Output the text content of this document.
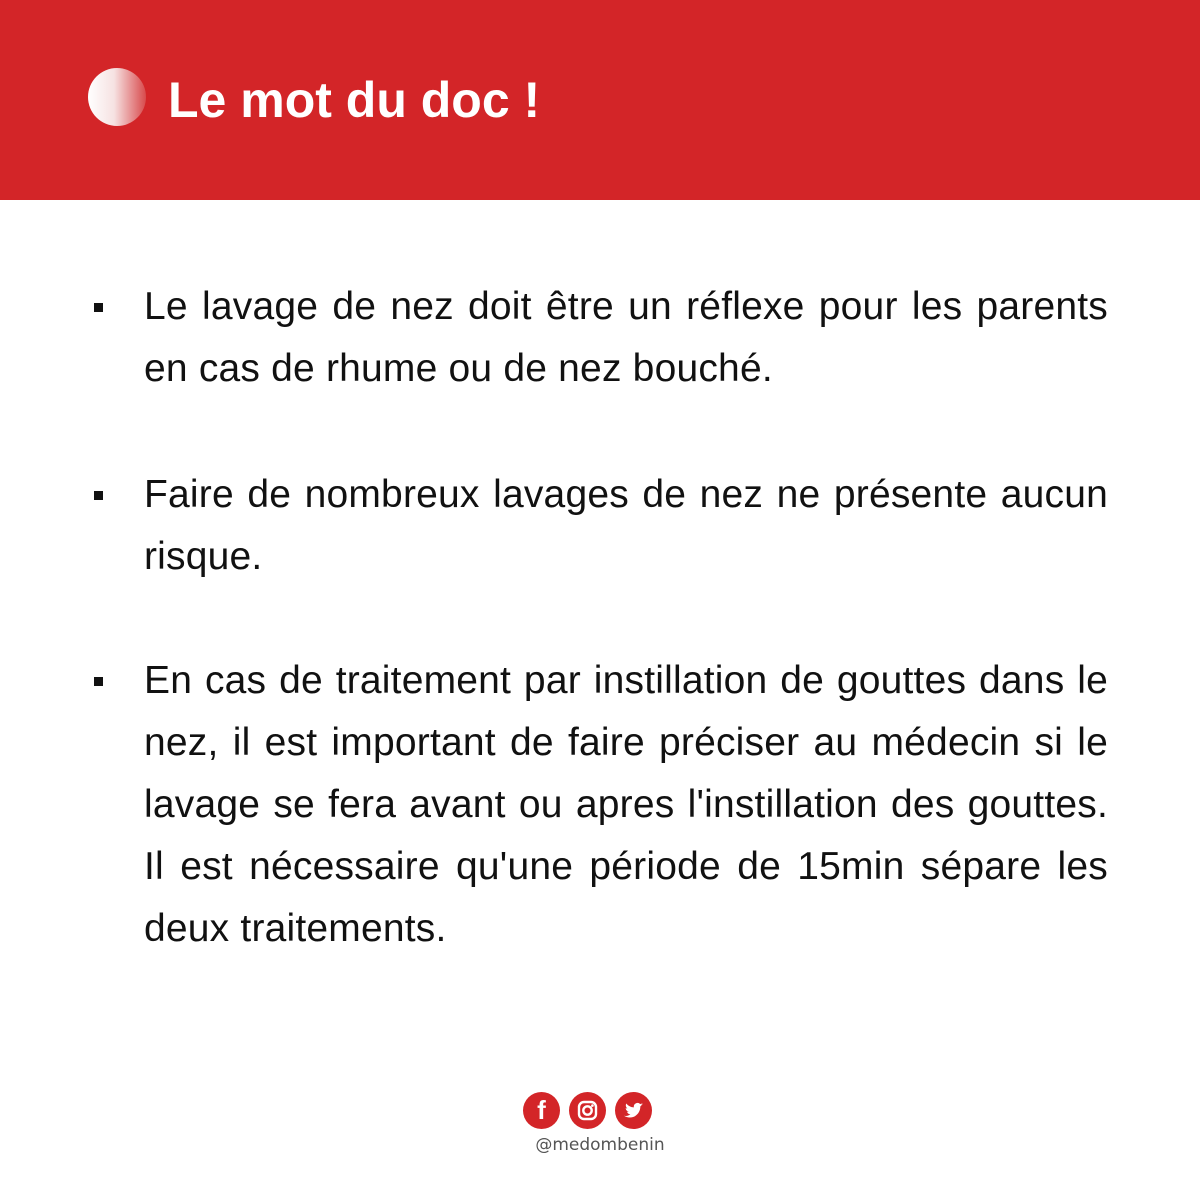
Le mot du doc !
Le lavage de nez doit être un réflexe pour les parents en cas de rhume ou de nez bouché.
Faire de nombreux lavages de nez ne présente aucun risque.
En cas de traitement par instillation de gouttes dans le nez, il est important de faire préciser au médecin si le lavage se fera avant ou apres l'instillation des gouttes. Il est nécessaire qu'une période de 15min sépare les deux traitements.
f
@medombenin
